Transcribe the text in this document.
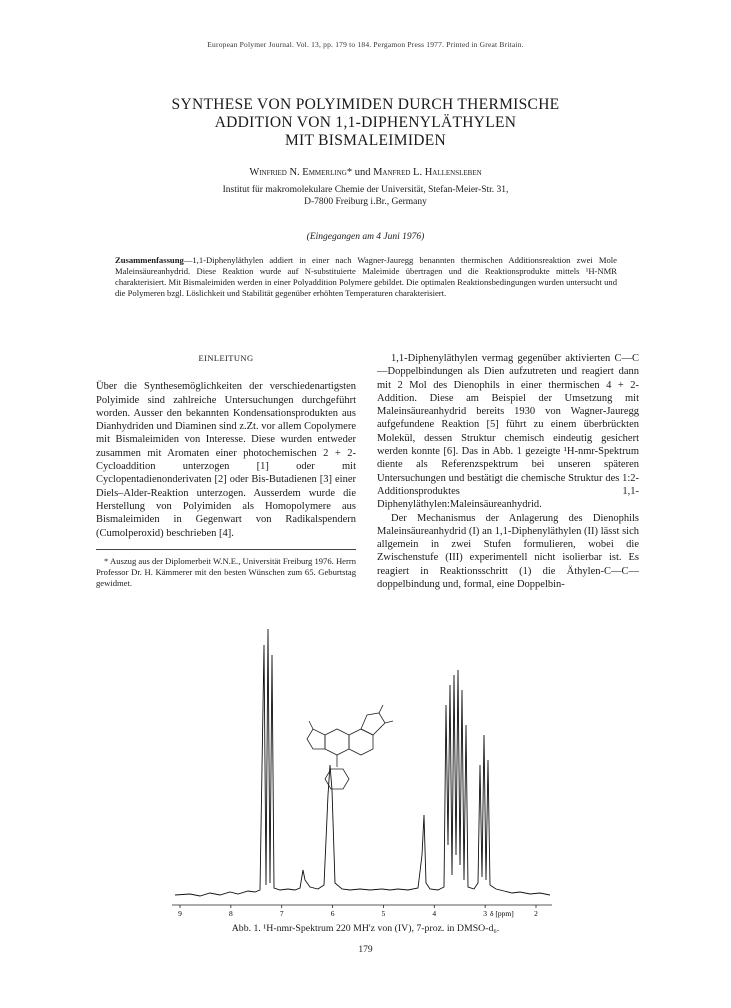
European Polymer Journal. Vol. 13, pp. 179 to 184. Pergamon Press 1977. Printed in Great Britain.
SYNTHESE VON POLYIMIDEN DURCH THERMISCHE
ADDITION VON 1,1-DIPHENYLÄTHYLEN
MIT BISMALEIMIDEN
Winfried N. Emmerling* und Manfred L. Hallensleben
Institut für makromolekulare Chemie der Universität, Stefan-Meier-Str. 31,
D-7800 Freiburg i.Br., Germany
(Eingegangen am 4 Juni 1976)
Zusammenfassung—1,1-Diphenyläthylen addiert in einer nach Wagner-Jauregg benannten thermischen Additionsreaktion zwei Mole Maleinsäureanhydrid. Diese Reaktion wurde auf N-substituierte Maleimide übertragen und die Reaktionsprodukte mittels ¹H-NMR charakterisiert. Mit Bismaleimiden werden in einer Polyaddition Polymere gebildet. Die optimalen Reaktionsbedingungen wurden untersucht und die Polymeren bzgl. Löslichkeit und Stabilität gegenüber erhöhten Temperaturen charakterisiert.
EINLEITUNG

Über die Synthesemöglichkeiten der verschiedenartigsten Polyimide sind zahlreiche Untersuchungen durchgeführt worden. Ausser den bekannten Kondensationsprodukten aus Dianhydriden und Diaminen sind z.Zt. vor allem Copolymere mit Bismaleimiden von Interesse. Diese wurden entweder zusammen mit Aromaten einer photochemischen 2 + 2-Cycloaddition unterzogen [1] oder mit Cyclopentadienonderivaten [2] oder Bis-Butadienen [3] einer Diels–Alder-Reaktion unterzogen. Ausserdem wurde die Herstellung von Polyimiden als Homopolymere aus Bismaleimiden in Gegenwart von Radikalspendern (Cumolperoxid) beschrieben [4].

* Auszug aus der Diplomerbeit W.N.E., Universität Freiburg 1976. Herrn Professor Dr. H. Kämmerer mit den besten Wünschen zum 65. Geburtstag gewidmet.

1,1-Diphenyläthylen vermag gegenüber aktivierten C—C—Doppelbindungen als Dien aufzutreten und reagiert dann mit 2 Mol des Dienophils in einer thermischen 4 + 2-Addition. Diese am Beispiel der Umsetzung mit Maleinsäureanhydrid bereits 1930 von Wagner-Jauregg aufgefundene Reaktion [5] führt zu einem überbrückten Molekül, dessen Struktur chemisch eindeutig gesichert werden konnte [6]. Das in Abb. 1 gezeigte ¹H-nmr-Spektrum diente als Referenzspektrum bei unseren späteren Untersuchungen und bestätigt die chemische Struktur des 1:2-Additionsproduktes 1,1-Diphenyläthylen:Maleinsäureanhydrid.

Der Mechanismus der Anlagerung des Dienophils Maleinsäureanhydrid (I) an 1,1-Diphenyläthylen (II) lässt sich allgemein in zwei Stufen formulieren, wobei die Zwischenstufe (III) experimentell nicht isolierbar ist. Es reagiert in Reaktionsschritt (1) die Äthylen-C—C—doppelbindung und, formal, eine Doppelbin-

9	8	7	6	5	4	3	2
δ [ppm]
Abb. 1. ¹H-nmr-Spektrum 220 MH'z von (IV), 7-proz. in DMSO-d₆.
179
